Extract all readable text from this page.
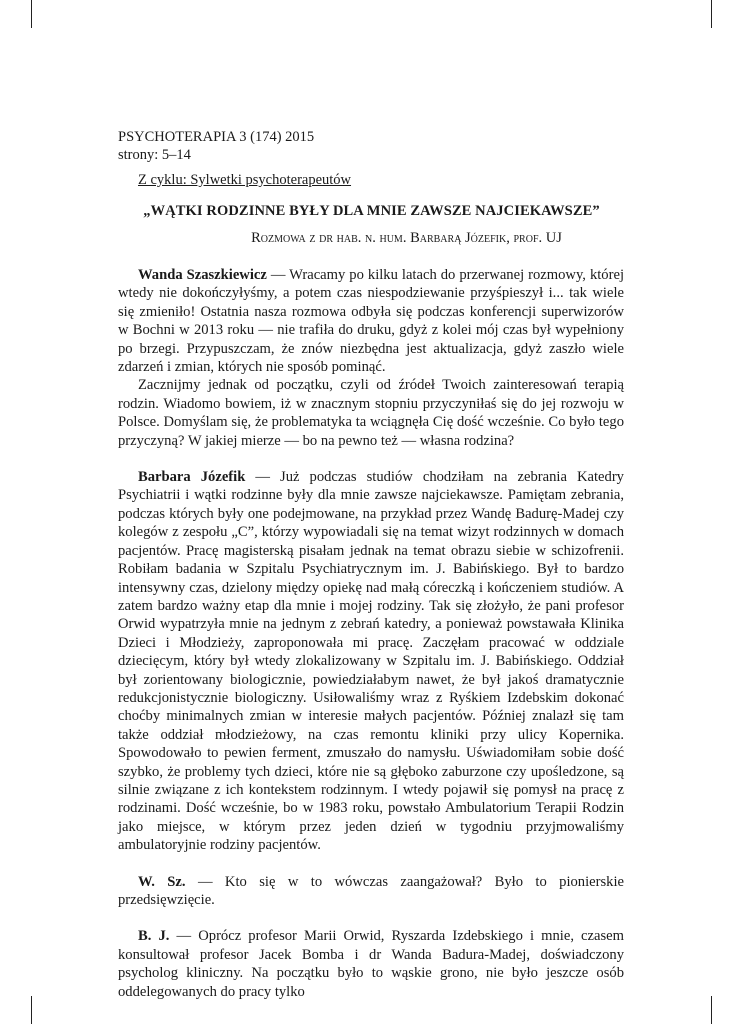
PSYCHOTERAPIA 3 (174) 2015
strony: 5–14
Z cyklu: Sylwetki psychoterapeutów
„WĄTKI RODZINNE BYŁY DLA MNIE ZAWSZE NAJCIEKAWSZE”
Rozmowa z dr hab. n. hum. Barbarą Józefik, prof. UJ

Wanda Szaszkiewicz — Wracamy po kilku latach do przerwanej rozmowy, której wtedy nie dokończyłyśmy, a potem czas niespodziewanie przyśpieszył i... tak wiele się zmieniło! Ostatnia nasza rozmowa odbyła się podczas konferencji superwizorów w Bochni w 2013 roku — nie trafiła do druku, gdyż z kolei mój czas był wypełniony po brzegi. Przypuszczam, że znów niezbędna jest aktualizacja, gdyż zaszło wiele zdarzeń i zmian, których nie sposób pominąć.

Zacznijmy jednak od początku, czyli od źródeł Twoich zainteresowań terapią rodzin. Wiadomo bowiem, iż w znacznym stopniu przyczyniłaś się do jej rozwoju w Polsce. Domyślam się, że problematyka ta wciągnęła Cię dość wcześnie. Co było tego przyczyną? W jakiej mierze — bo na pewno też — własna rodzina?

Barbara Józefik — Już podczas studiów chodziłam na zebrania Katedry Psychiatrii i wątki rodzinne były dla mnie zawsze najciekawsze. Pamiętam zebrania, podczas których były one podejmowane, na przykład przez Wandę Badurę-Madej czy kolegów z zespołu „C”, którzy wypowiadali się na temat wizyt rodzinnych w domach pacjentów. Pracę magisterską pisałam jednak na temat obrazu siebie w schizofrenii. Robiłam badania w Szpitalu Psychiatrycznym im. J. Babińskiego. Był to bardzo intensywny czas, dzielony między opiekę nad małą córeczką i kończeniem studiów. A zatem bardzo ważny etap dla mnie i mojej rodziny. Tak się złożyło, że pani profesor Orwid wypatrzyła mnie na jednym z zebrań katedry, a ponieważ powstawała Klinika Dzieci i Młodzieży, zaproponowała mi pracę. Zaczęłam pracować w oddziale dziecięcym, który był wtedy zlokalizowany w Szpitalu im. J. Babińskiego. Oddział był zorientowany biologicznie, powiedziałabym nawet, że był jakoś dramatycznie redukcjonistycznie biologiczny. Usiłowaliśmy wraz z Ryśkiem Izdebskim dokonać choćby minimalnych zmian w interesie małych pacjentów. Później znalazł się tam także oddział młodzieżowy, na czas remontu kliniki przy ulicy Kopernika. Spowodowało to pewien ferment, zmuszało do namysłu. Uświadomiłam sobie dość szybko, że problemy tych dzieci, które nie są głęboko zaburzone czy upośledzone, są silnie związane z ich kontekstem rodzinnym. I wtedy pojawił się pomysł na pracę z rodzinami. Dość wcześnie, bo w 1983 roku, powstało Ambulatorium Terapii Rodzin jako miejsce, w którym przez jeden dzień w tygodniu przyjmowaliśmy ambulatoryjnie rodziny pacjentów.

W. Sz. — Kto się w to wówczas zaangażował? Było to pionierskie przedsięwzięcie.

B. J. — Oprócz profesor Marii Orwid, Ryszarda Izdebskiego i mnie, czasem konsultował profesor Jacek Bomba i dr Wanda Badura-Madej, doświadczony psycholog kliniczny. Na początku było to wąskie grono, nie było jeszcze osób oddelegowanych do pracy tylko
